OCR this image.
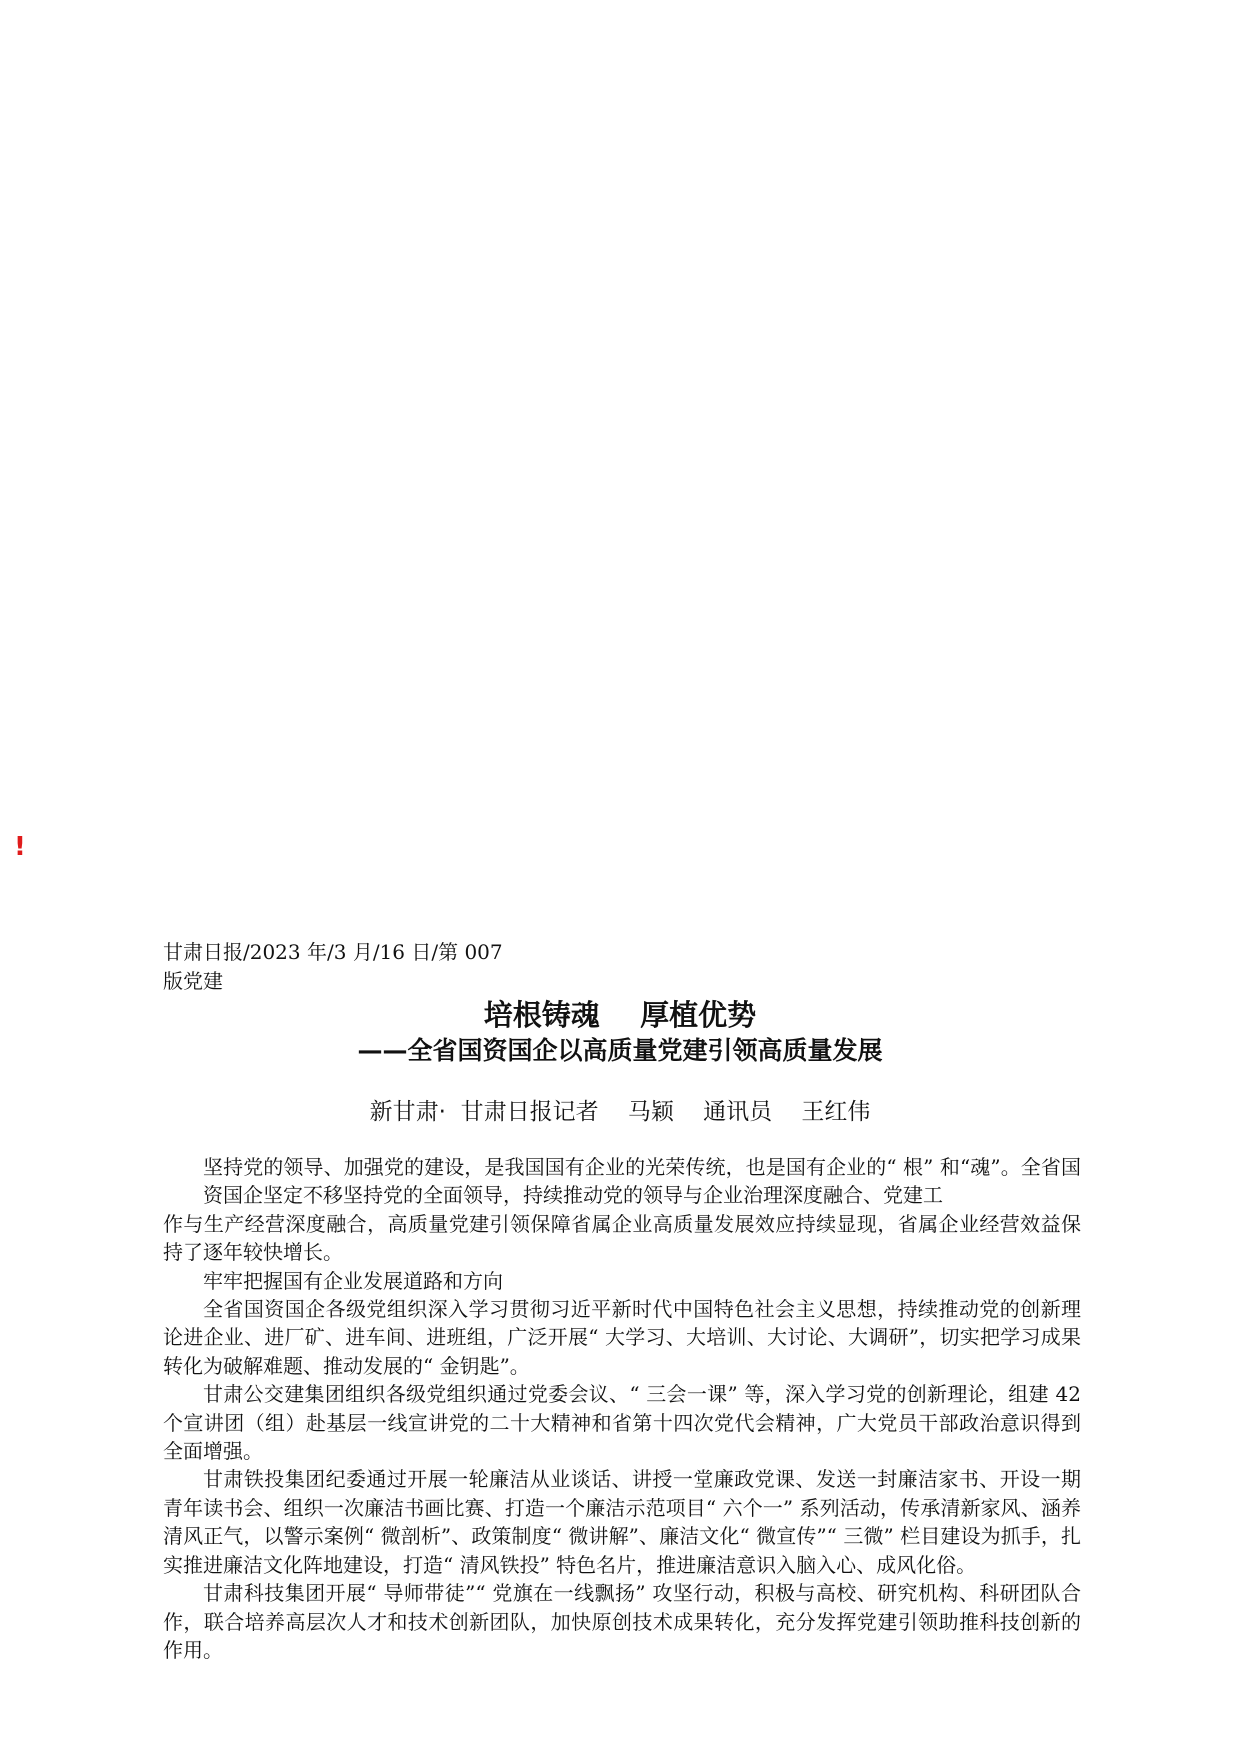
!
甘肃日报/2023 年/3 月/16 日/第 007
版党建
培根铸魂    厚植优势
——全省国资国企以高质量党建引领高质量发展
新甘肃·  甘肃日报记者    马颖    通讯员    王红伟

坚持党的领导、加强党的建设，是我国国有企业的光荣传统，也是国有企业的“ 根” 和“魂”。全省国资国企坚定不移坚持党的全面领导，持续推动党的领导与企业治理深度融合、党建工

作与生产经营深度融合，高质量党建引领保障省属企业高质量发展效应持续显现，省属企业经营效益保持了逐年较快增长。

牢牢把握国有企业发展道路和方向

全省国资国企各级党组织深入学习贯彻习近平新时代中国特色社会主义思想，持续推动党的创新理论进企业、进厂矿、进车间、进班组，广泛开展“ 大学习、大培训、大讨论、大调研”，切实把学习成果转化为破解难题、推动发展的“ 金钥匙”。

甘肃公交建集团组织各级党组织通过党委会议、“ 三会一课” 等，深入学习党的创新理论，组建 42 个宣讲团（组）赴基层一线宣讲党的二十大精神和省第十四次党代会精神，广大党员干部政治意识得到全面增强。

甘肃铁投集团纪委通过开展一轮廉洁从业谈话、讲授一堂廉政党课、发送一封廉洁家书、开设一期青年读书会、组织一次廉洁书画比赛、打造一个廉洁示范项目“ 六个一” 系列活动，传承清新家风、涵养清风正气，以警示案例“ 微剖析”、政策制度“ 微讲解”、廉洁文化“ 微宣传”“ 三微” 栏目建设为抓手，扎实推进廉洁文化阵地建设，打造“ 清风铁投” 特色名片，推进廉洁意识入脑入心、成风化俗。

甘肃科技集团开展“ 导师带徒”“ 党旗在一线飘扬” 攻坚行动，积极与高校、研究机构、科研团队合作，联合培养高层次人才和技术创新团队，加快原创技术成果转化，充分发挥党建引领助推科技创新的作用。
